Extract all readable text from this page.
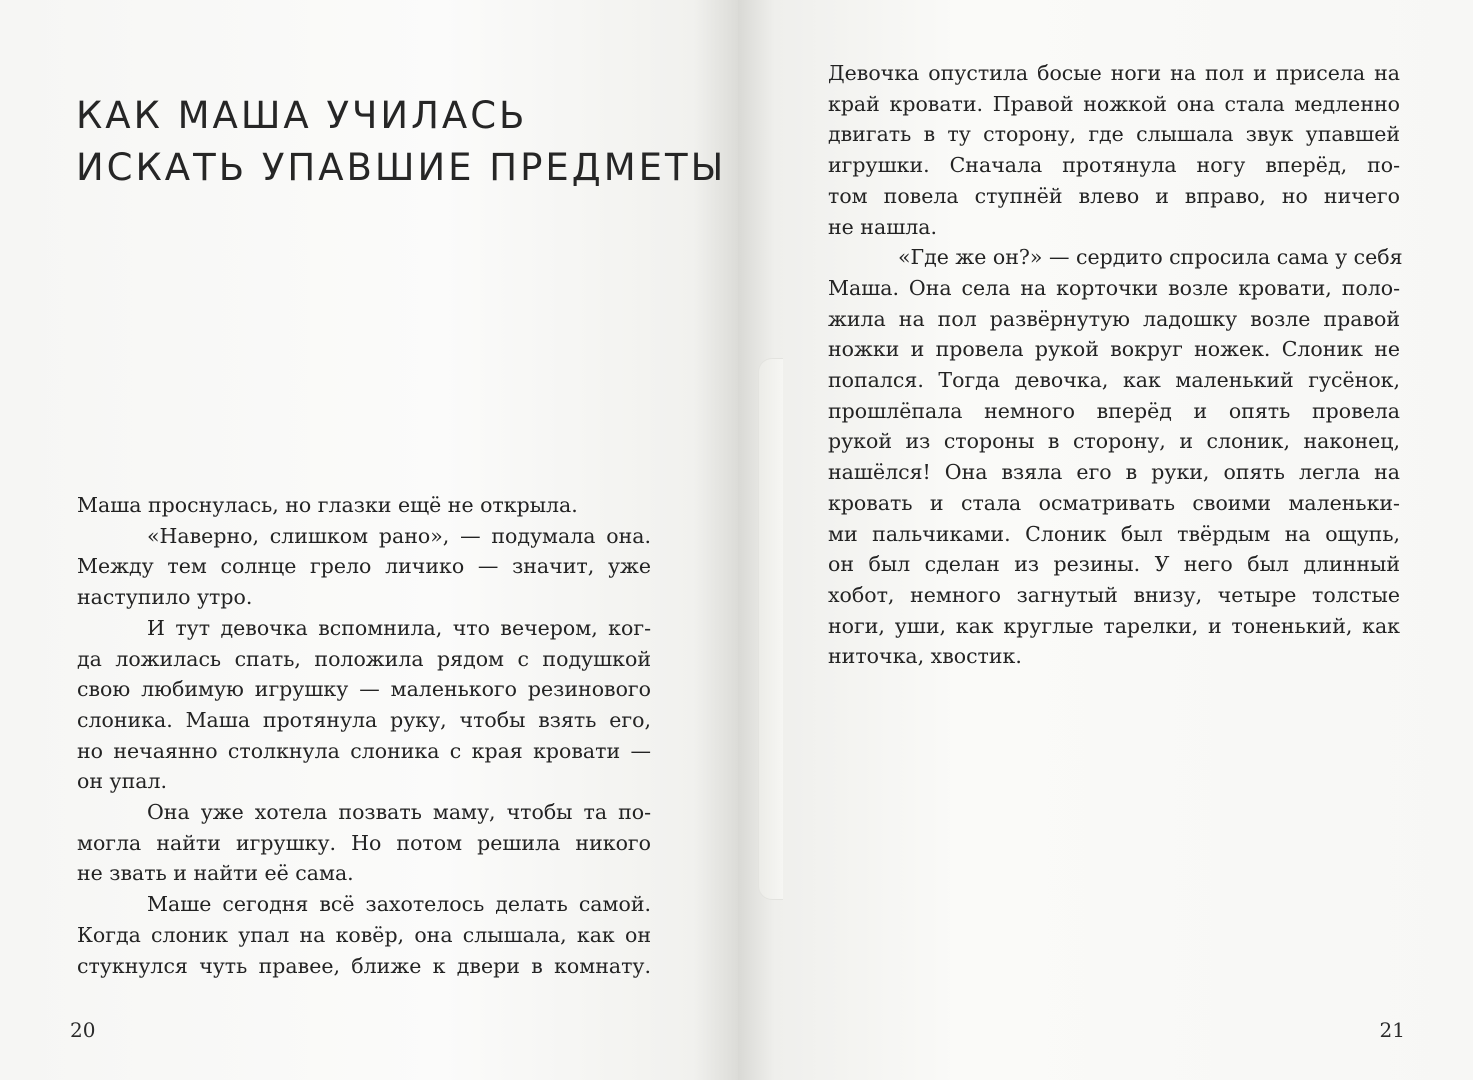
КАК МАША УЧИЛАСЬ
ИСКАТЬ УПАВШИЕ ПРЕДМЕТЫ
Маша проснулась, но глазки ещё не открыла.
«Наверно, слишком рано», — подумала она.
Между тем солнце грело личико — значит, уже
наступило утро.
И тут девочка вспомнила, что вечером, ког-
да ложилась спать, положила рядом с подушкой
свою любимую игрушку — маленького резинового
слоника. Маша протянула руку, чтобы взять его,
но нечаянно столкнула слоника с края кровати —
он упал.
Она уже хотела позвать маму, чтобы та по-
могла найти игрушку. Но потом решила никого
не звать и найти её сама.
Маше сегодня всё захотелось делать самой.
Когда слоник упал на ковёр, она слышала, как он
стукнулся чуть правее, ближе к двери в комнату.
20
Девочка опустила босые ноги на пол и присела на
край кровати. Правой ножкой она стала медленно
двигать в ту сторону, где слышала звук упавшей
игрушки. Сначала протянула ногу вперёд, по-
том повела ступнёй влево и вправо, но ничего
не нашла.
«Где же он?» — сердито спросила сама у себя
Маша. Она села на корточки возле кровати, поло-
жила на пол развёрнутую ладошку возле правой
ножки и провела рукой вокруг ножек. Слоник не
попался. Тогда девочка, как маленький гусёнок,
прошлёпала немного вперёд и опять провела
рукой из стороны в сторону, и слоник, наконец,
нашёлся! Она взяла его в руки, опять легла на
кровать и стала осматривать своими маленьки-
ми пальчиками. Слоник был твёрдым на ощупь,
он был сделан из резины. У него был длинный
хобот, немного загнутый внизу, четыре толстые
ноги, уши, как круглые тарелки, и тоненький, как
ниточка, хвостик.
21
